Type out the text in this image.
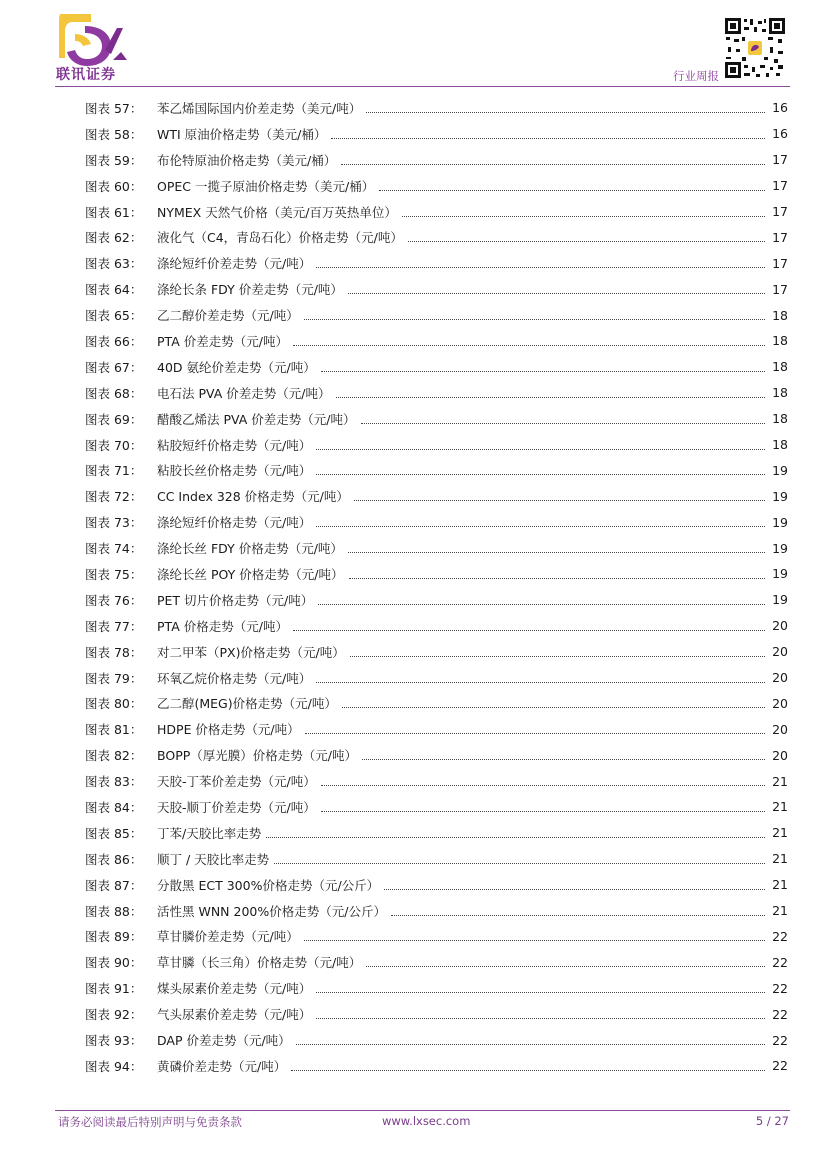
联讯证券	行业周报
图表 57：	苯乙烯国际国内价差走势（美元/吨）	16
图表 58：	WTI 原油价格走势（美元/桶）	16
图表 59：	布伦特原油价格走势（美元/桶）	17
图表 60：	OPEC 一揽子原油价格走势（美元/桶）	17
图表 61：	NYMEX 天然气价格（美元/百万英热单位）	17
图表 62：	液化气（C4，青岛石化）价格走势（元/吨）	17
图表 63：	涤纶短纤价差走势（元/吨）	17
图表 64：	涤纶长条 FDY 价差走势（元/吨）	17
图表 65：	乙二醇价差走势（元/吨）	18
图表 66：	PTA 价差走势（元/吨）	18
图表 67：	40D 氨纶价差走势（元/吨）	18
图表 68：	电石法 PVA 价差走势（元/吨）	18
图表 69：	醋酸乙烯法 PVA 价差走势（元/吨）	18
图表 70：	粘胶短纤价格走势（元/吨）	18
图表 71：	粘胶长丝价格走势（元/吨）	19
图表 72：	CC Index 328 价格走势（元/吨）	19
图表 73：	涤纶短纤价格走势（元/吨）	19
图表 74：	涤纶长丝 FDY 价格走势（元/吨）	19
图表 75：	涤纶长丝 POY 价格走势（元/吨）	19
图表 76：	PET 切片价格走势（元/吨）	19
图表 77：	PTA 价格走势（元/吨）	20
图表 78：	对二甲苯（PX)价格走势（元/吨）	20
图表 79：	环氧乙烷价格走势（元/吨）	20
图表 80：	乙二醇(MEG)价格走势（元/吨）	20
图表 81：	HDPE 价格走势（元/吨）	20
图表 82：	BOPP（厚光膜）价格走势（元/吨）	20
图表 83：	天胶-丁苯价差走势（元/吨）	21
图表 84：	天胶-顺丁价差走势（元/吨）	21
图表 85：	丁苯/天胶比率走势	21
图表 86：	顺丁 / 天胶比率走势	21
图表 87：	分散黑 ECT 300%价格走势（元/公斤）	21
图表 88：	活性黑 WNN 200%价格走势（元/公斤）	21
图表 89：	草甘膦价差走势（元/吨）	22
图表 90：	草甘膦（长三角）价格走势（元/吨）	22
图表 91：	煤头尿素价差走势（元/吨）	22
图表 92：	气头尿素价差走势（元/吨）	22
图表 93：	DAP 价差走势（元/吨）	22
图表 94：	黄磷价差走势（元/吨）	22
请务必阅读最后特别声明与免责条款	www.lxsec.com	5 / 27
